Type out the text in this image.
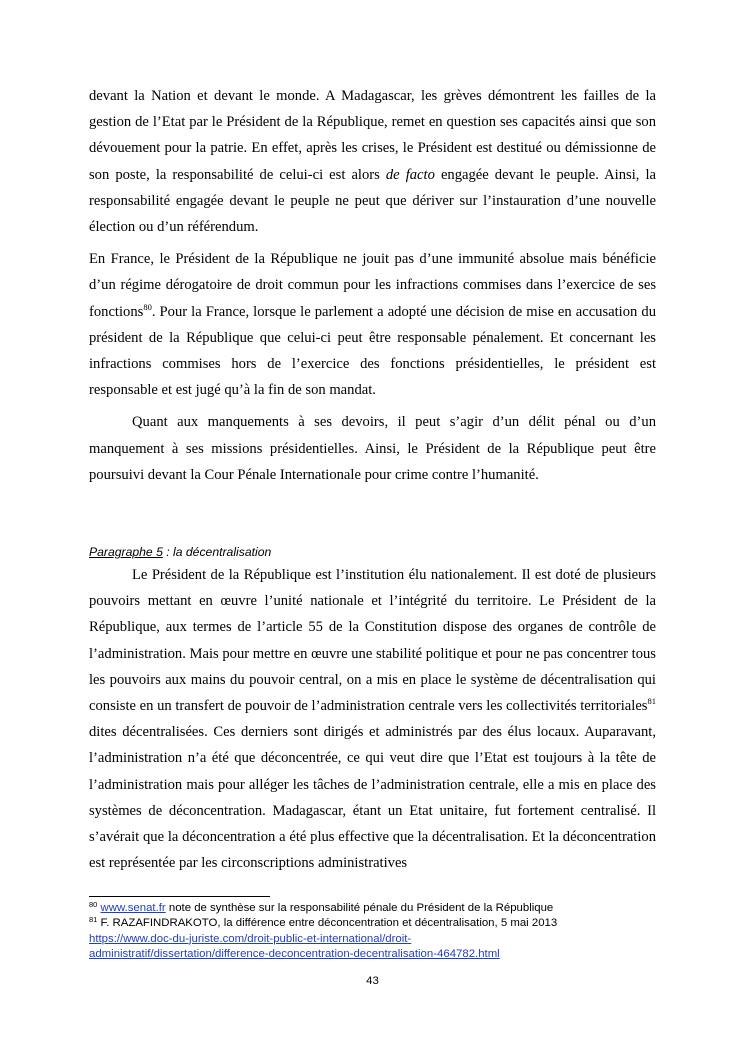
devant la Nation et devant le monde. A Madagascar, les grèves démontrent les failles de la gestion de l’Etat par le Président de la République, remet en question ses capacités ainsi que son dévouement pour la patrie. En effet, après les crises, le Président est destitué ou démissionne de son poste, la responsabilité de celui-ci est alors de facto engagée devant le peuple. Ainsi, la responsabilité engagée devant le peuple ne peut que dériver sur l’instauration d’une nouvelle élection ou d’un référendum.

En France, le Président de la République ne jouit pas d’une immunité absolue mais bénéficie d’un régime dérogatoire de droit commun pour les infractions commises dans l’exercice de ses fonctions$^{80}$. Pour la France, lorsque le parlement a adopté une décision de mise en accusation du président de la République que celui-ci peut être responsable pénalement. Et concernant les infractions commises hors de l’exercice des fonctions présidentielles, le président est responsable et est jugé qu’à la fin de son mandat.

Quant aux manquements à ses devoirs, il peut s’agir d’un délit pénal ou d’un manquement à ses missions présidentielles. Ainsi, le Président de la République peut être poursuivi devant la Cour Pénale Internationale pour crime contre l’humanité.

Paragraphe 5 : la décentralisation

Le Président de la République est l’institution élu nationalement. Il est doté de plusieurs pouvoirs mettant en œuvre l’unité nationale et l’intégrité du territoire. Le Président de la République, aux termes de l’article 55 de la Constitution dispose des organes de contrôle de l’administration. Mais pour mettre en œuvre une stabilité politique et pour ne pas concentrer tous les pouvoirs aux mains du pouvoir central, on a mis en place le système de décentralisation qui consiste en un transfert de pouvoir de l’administration centrale vers les collectivités territoriales$^{81}$ dites décentralisées. Ces derniers sont dirigés et administrés par des élus locaux. Auparavant, l’administration n’a été que déconcentrée, ce qui veut dire que l’Etat est toujours à la tête de l’administration mais pour alléger les tâches de l’administration centrale, elle a mis en place des systèmes de déconcentration. Madagascar, étant un Etat unitaire, fut fortement centralisé. Il s’avérait que la déconcentration a été plus effective que la décentralisation. Et la déconcentration est représentée par les circonscriptions administratives

$^{80}$ www.senat.fr note de synthèse sur la responsabilité pénale du Président de la République
$^{81}$ F. RAZAFINDRAKOTO, la différence entre déconcentration et décentralisation, 5 mai 2013
https://www.doc-du-juriste.com/droit-public-et-international/droit-
administratif/dissertation/difference-deconcentration-decentralisation-464782.html
43
